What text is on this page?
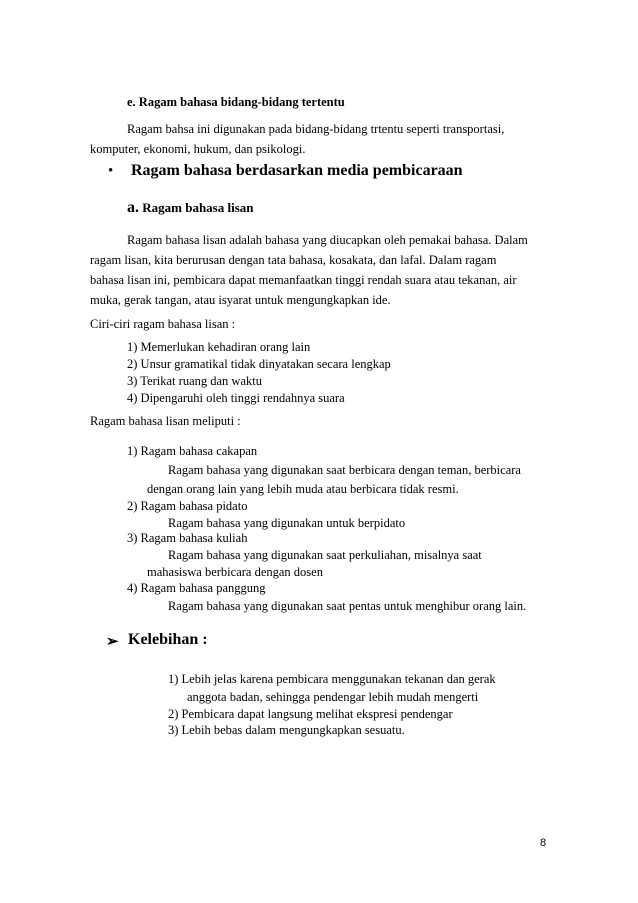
e. Ragam bahasa bidang-bidang tertentu
Ragam bahsa ini digunakan pada bidang-bidang trtentu seperti transportasi,
komputer, ekonomi, hukum, dan psikologi.
• Ragam bahasa berdasarkan media pembicaraan
a. Ragam bahasa lisan
Ragam bahasa lisan adalah bahasa yang diucapkan oleh pemakai bahasa. Dalam
ragam lisan, kita berurusan dengan tata bahasa, kosakata, dan lafal. Dalam ragam
bahasa lisan ini, pembicara dapat memanfaatkan tinggi rendah suara atau tekanan, air
muka, gerak tangan, atau isyarat untuk mengungkapkan ide.
Ciri-ciri ragam bahasa lisan :
1) Memerlukan kehadiran orang lain
2) Unsur gramatikal tidak dinyatakan secara lengkap
3) Terikat ruang dan waktu
4) Dipengaruhi oleh tinggi rendahnya suara
Ragam bahasa lisan meliputi :
1) Ragam bahasa cakapan
Ragam bahasa yang digunakan saat berbicara dengan teman, berbicara
dengan orang lain yang lebih muda atau berbicara tidak resmi.
2) Ragam bahasa pidato
Ragam bahasa yang digunakan untuk berpidato
3) Ragam bahasa kuliah
Ragam bahasa yang digunakan saat perkuliahan, misalnya saat
mahasiswa berbicara dengan dosen
4) Ragam bahasa panggung
Ragam bahasa yang digunakan saat pentas untuk menghibur orang lain.
➢ Kelebihan :
1) Lebih jelas karena pembicara menggunakan tekanan dan gerak
anggota badan, sehingga pendengar lebih mudah mengerti
2) Pembicara dapat langsung melihat ekspresi pendengar
3) Lebih bebas dalam mengungkapkan sesuatu.
8
